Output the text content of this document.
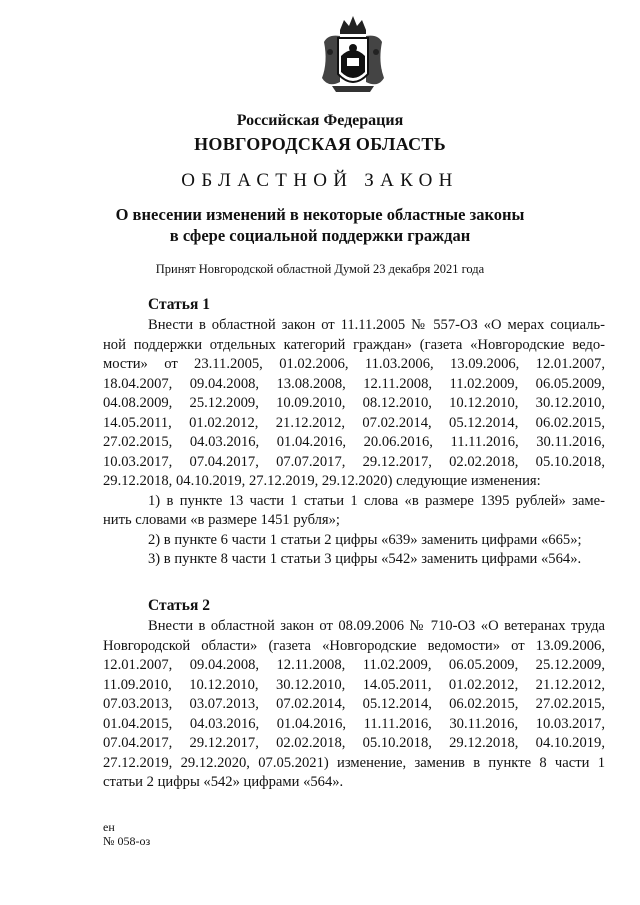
Российская Федерация
НОВГОРОДСКАЯ ОБЛАСТЬ
ОБЛАСТНОЙ ЗАКОН
О внесении изменений в некоторые областные законы
в сфере социальной поддержки граждан
Принят Новгородской областной Думой 23 декабря 2021 года
Статья 1
Внести в областной закон от 11.11.2005 № 557-ОЗ «О мерах социаль-
ной поддержки отдельных категорий граждан» (газета «Новгородские ведо-
мости» от 23.11.2005, 01.02.2006, 11.03.2006, 13.09.2006, 12.01.2007,
18.04.2007, 09.04.2008, 13.08.2008, 12.11.2008, 11.02.2009, 06.05.2009,
04.08.2009, 25.12.2009, 10.09.2010, 08.12.2010, 10.12.2010, 30.12.2010,
14.05.2011, 01.02.2012, 21.12.2012, 07.02.2014, 05.12.2014, 06.02.2015,
27.02.2015, 04.03.2016, 01.04.2016, 20.06.2016, 11.11.2016, 30.11.2016,
10.03.2017, 07.04.2017, 07.07.2017, 29.12.2017, 02.02.2018, 05.10.2018,
29.12.2018, 04.10.2019, 27.12.2019, 29.12.2020) следующие изменения:
1) в пункте 13 части 1 статьи 1 слова «в размере 1395 рублей» заме-
нить словами «в размере 1451 рубля»;
2) в пункте 6 части 1 статьи 2 цифры «639» заменить цифрами «665»;
3) в пункте 8 части 1 статьи 3 цифры «542» заменить цифрами «564».
Статья 2
Внести в областной закон от 08.09.2006 № 710-ОЗ «О ветеранах труда
Новгородской области» (газета «Новгородские ведомости» от 13.09.2006,
12.01.2007, 09.04.2008, 12.11.2008, 11.02.2009, 06.05.2009, 25.12.2009,
11.09.2010, 10.12.2010, 30.12.2010, 14.05.2011, 01.02.2012, 21.12.2012,
07.03.2013, 03.07.2013, 07.02.2014, 05.12.2014, 06.02.2015, 27.02.2015,
01.04.2015, 04.03.2016, 01.04.2016, 11.11.2016, 30.11.2016, 10.03.2017,
07.04.2017, 29.12.2017, 02.02.2018, 05.10.2018, 29.12.2018, 04.10.2019,
27.12.2019, 29.12.2020, 07.05.2021) изменение, заменив в пункте 8 части 1
статьи 2 цифры «542» цифрами «564».
ен
№ 058-оз
